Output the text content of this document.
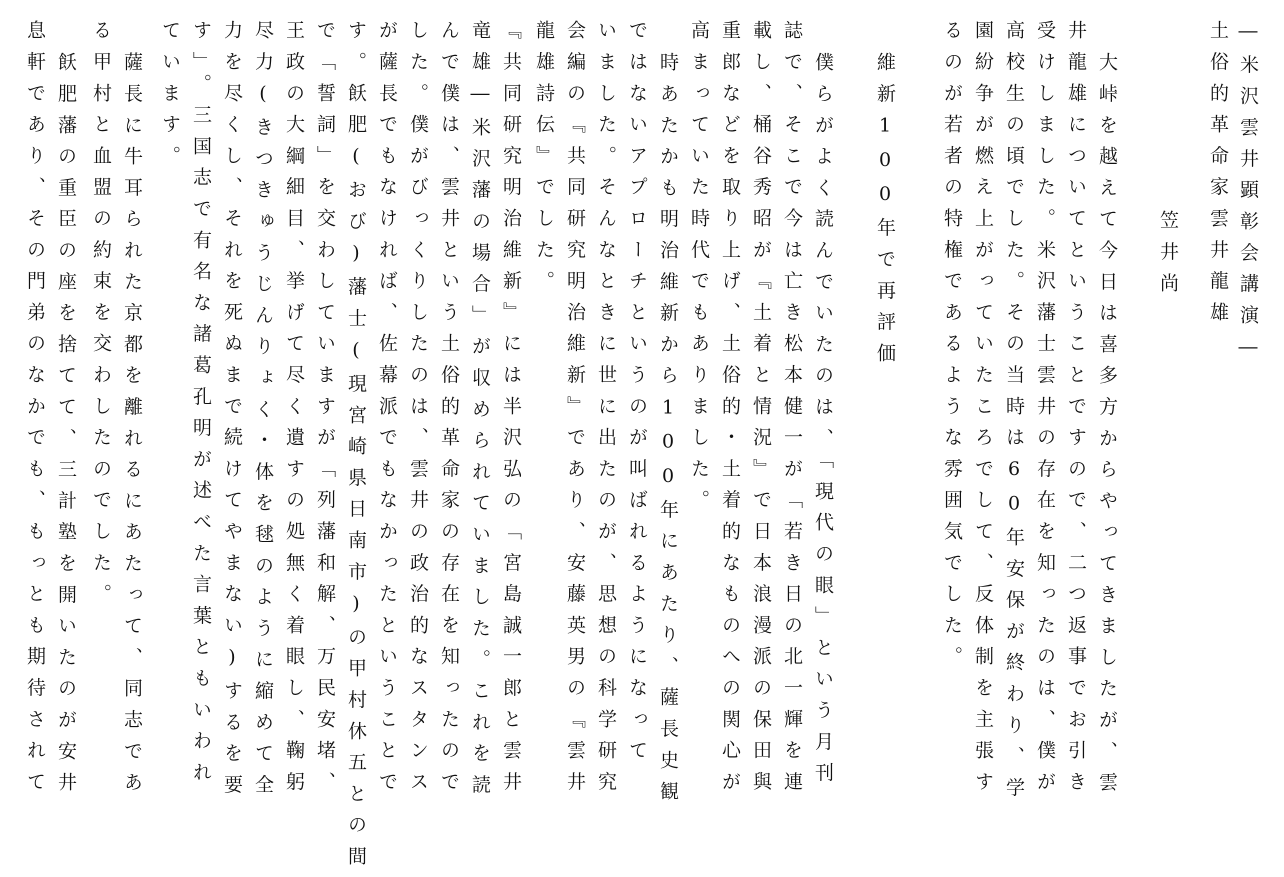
―米沢雲井顕彰会講演―
土俗的革命家雲井龍雄
笠井尚
大峠を越えて今日は喜多方からやってきましたが、雲
井龍雄についてということですので、二つ返事でお引き
受けしました。米沢藩士雲井の存在を知ったのは、僕が
高校生の頃でした。その当時は60年安保が終わり、学
園紛争が燃え上がっていたころでして、反体制を主張す
るのが若者の特権であるような雰囲気でした。
維新100年で再評価
僕らがよく読んでいたのは、「現代の眼」という月刊
誌で、そこで今は亡き松本健一が「若き日の北一輝を連
載し、桶谷秀昭が『土着と情況』で日本浪漫派の保田與
重郎などを取り上げ、土俗的・土着的なものへの関心が
高まっていた時代でもありました。
時あたかも明治維新から100年にあたり、薩長史観
ではないアプローチというのが叫ばれるようになって
いました。そんなときに世に出たのが、思想の科学研究
会編の『共同研究明治維新』であり、安藤英男の『雲井
龍雄詩伝』でした。
『共同研究明治維新』には半沢弘の「宮島誠一郎と雲井
竜雄―米沢藩の場合」が収められていました。これを読
んで僕は、雲井という土俗的革命家の存在を知ったので
した。僕がびっくりしたのは、雲井の政治的なスタンス
が薩長でもなければ、佐幕派でもなかったということで
す。飫肥(おび)藩士(現宮崎県日南市)の甲村休五との間
で「誓詞」を交わしていますが「列藩和解、万民安堵、
王政の大綱細目、挙げて尽く遺すの処無く着眼し、鞠躬
尽力(きつきゅうじんりょく・体を毬のように縮めて全
力を尽くし、それを死ぬまで続けてやまない)するを要
す」。三国志で有名な諸葛孔明が述べた言葉ともいわれ
ています。
薩長に牛耳られた京都を離れるにあたって、同志であ
る甲村と血盟の約束を交わしたのでした。
飫肥藩の重臣の座を捨てて、三計塾を開いたのが安井
息軒であり、その門弟のなかでも、もっとも期待されて
